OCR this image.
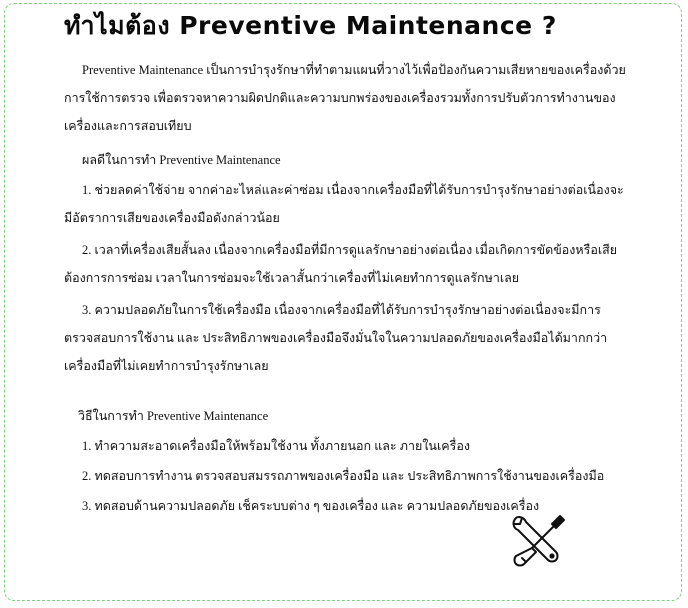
ทำไมต้อง Preventive Maintenance ?

Preventive Maintenance เป็นการบำรุงรักษาที่ทำตามแผนที่วางไว้เพื่อป้องกันความเสียหายของเครื่องด้วยการใช้การตรวจ เพื่อตรวจหาความผิดปกติและความบกพร่องของเครื่องรวมทั้งการปรับตัวการทำงานของเครื่องและการสอบเทียบ

ผลดีในการทำ Preventive Maintenance

1. ช่วยลดค่าใช้จ่าย จากค่าอะไหล่และค่าซ่อม เนื่องจากเครื่องมือที่ได้รับการบำรุงรักษาอย่างต่อเนื่องจะมีอัตราการเสียของเครื่องมือดังกล่าวน้อย

2. เวลาที่เครื่องเสียสั้นลง เนื่องจากเครื่องมือที่มีการดูแลรักษาอย่างต่อเนื่อง เมื่อเกิดการขัดข้องหรือเสียต้องการการซ่อม เวลาในการซ่อมจะใช้เวลาสั้นกว่าเครื่องที่ไม่เคยทำการดูแลรักษาเลย

3. ความปลอดภัยในการใช้เครื่องมือ เนื่องจากเครื่องมือที่ได้รับการบำรุงรักษาอย่างต่อเนื่องจะมีการตรวจสอบการใช้งาน และ ประสิทธิภาพของเครื่องมือจึงมั่นใจในความปลอดภัยของเครื่องมือได้มากกว่าเครื่องมือที่ไม่เคยทำการบำรุงรักษาเลย

วิธีในการทำ Preventive Maintenance

1. ทำความสะอาดเครื่องมือให้พร้อมใช้งาน ทั้งภายนอก และ ภายในเครื่อง

2. ทดสอบการทำงาน ตรวจสอบสมรรถภาพของเครื่องมือ และ ประสิทธิภาพการใช้งานของเครื่องมือ

3. ทดสอบด้านความปลอดภัย เช็คระบบต่าง ๆ ของเครื่อง และ ความปลอดภัยของเครื่อง
